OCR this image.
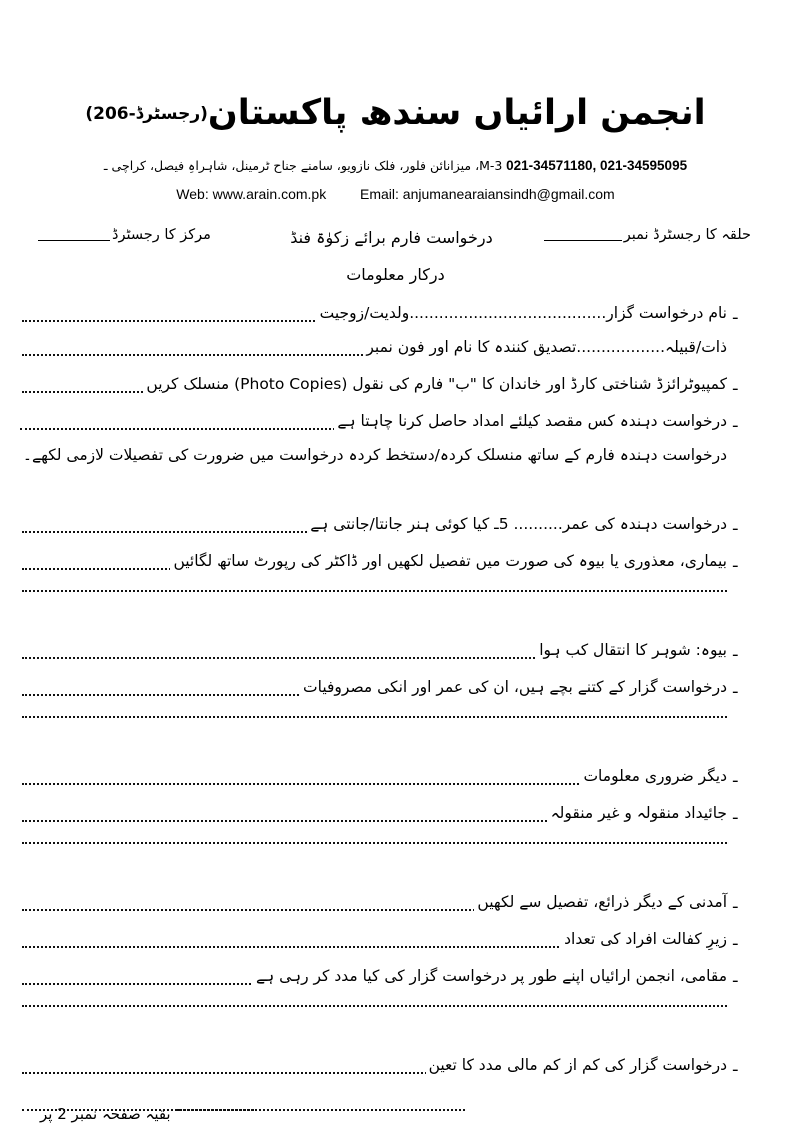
انجمن ارائیاں سندھ پاکستان(رجسٹرڈ-206)
021-34571180, 021-34595095 M-3، میزانائن فلور، فلک نازویو، سامنے جناح ٹرمینل، شاہراہِ فیصل، کراچی ـ
Web: www.arain.com.pk Email: anjumanearaiansindh@gmail.com
حلقہ کا رجسٹرڈ نمبر
درخواست فارم برائے زکوٰۃ فنڈ
مرکز کا رجسٹرڈ
درکار معلومات
ـ
نام درخواست گزار........................................ولدیت/زوجیت
ذات/قبیلہ..................تصدیق کنندہ کا نام اور فون نمبر
ـ
کمپیوٹرائزڈ شناختی کارڈ اور خاندان کا "ب" فارم کی نقول (Photo Copies) منسلک کریں
ـ
درخواست دہندہ کس مقصد کیلئے امداد حاصل کرنا چاہتا ہے
درخواست دہندہ فارم کے ساتھ منسلک کردہ/دستخط کردہ درخواست میں ضرورت کی تفصیلات لازمی لکھے۔
ـ
درخواست دہندہ کی عمر.......... 5ـ کیا کوئی ہنر جانتا/جانتی ہے
ـ
بیماری، معذوری یا بیوہ کی صورت میں تفصیل لکھیں اور ڈاکٹر کی رپورٹ ساتھ لگائیں
ـ
بیوہ: شوہر کا انتقال کب ہوا
ـ
درخواست گزار کے کتنے بچے ہیں، ان کی عمر اور انکی مصروفیات
ـ
دیگر ضروری معلومات
ـ
جائیداد منقولہ و غیر منقولہ
ـ
آمدنی کے دیگر ذرائع، تفصیل سے لکھیں
ـ
زیرِ کفالت افراد کی تعداد
ـ
مقامی، انجمن ارائیاں اپنے طور پر درخواست گزار کی کیا مدد کر رہی ہے
ـ
درخواست گزار کی کم از کم مالی مدد کا تعین
بقیہ صفحہ نمبر 2 پر
